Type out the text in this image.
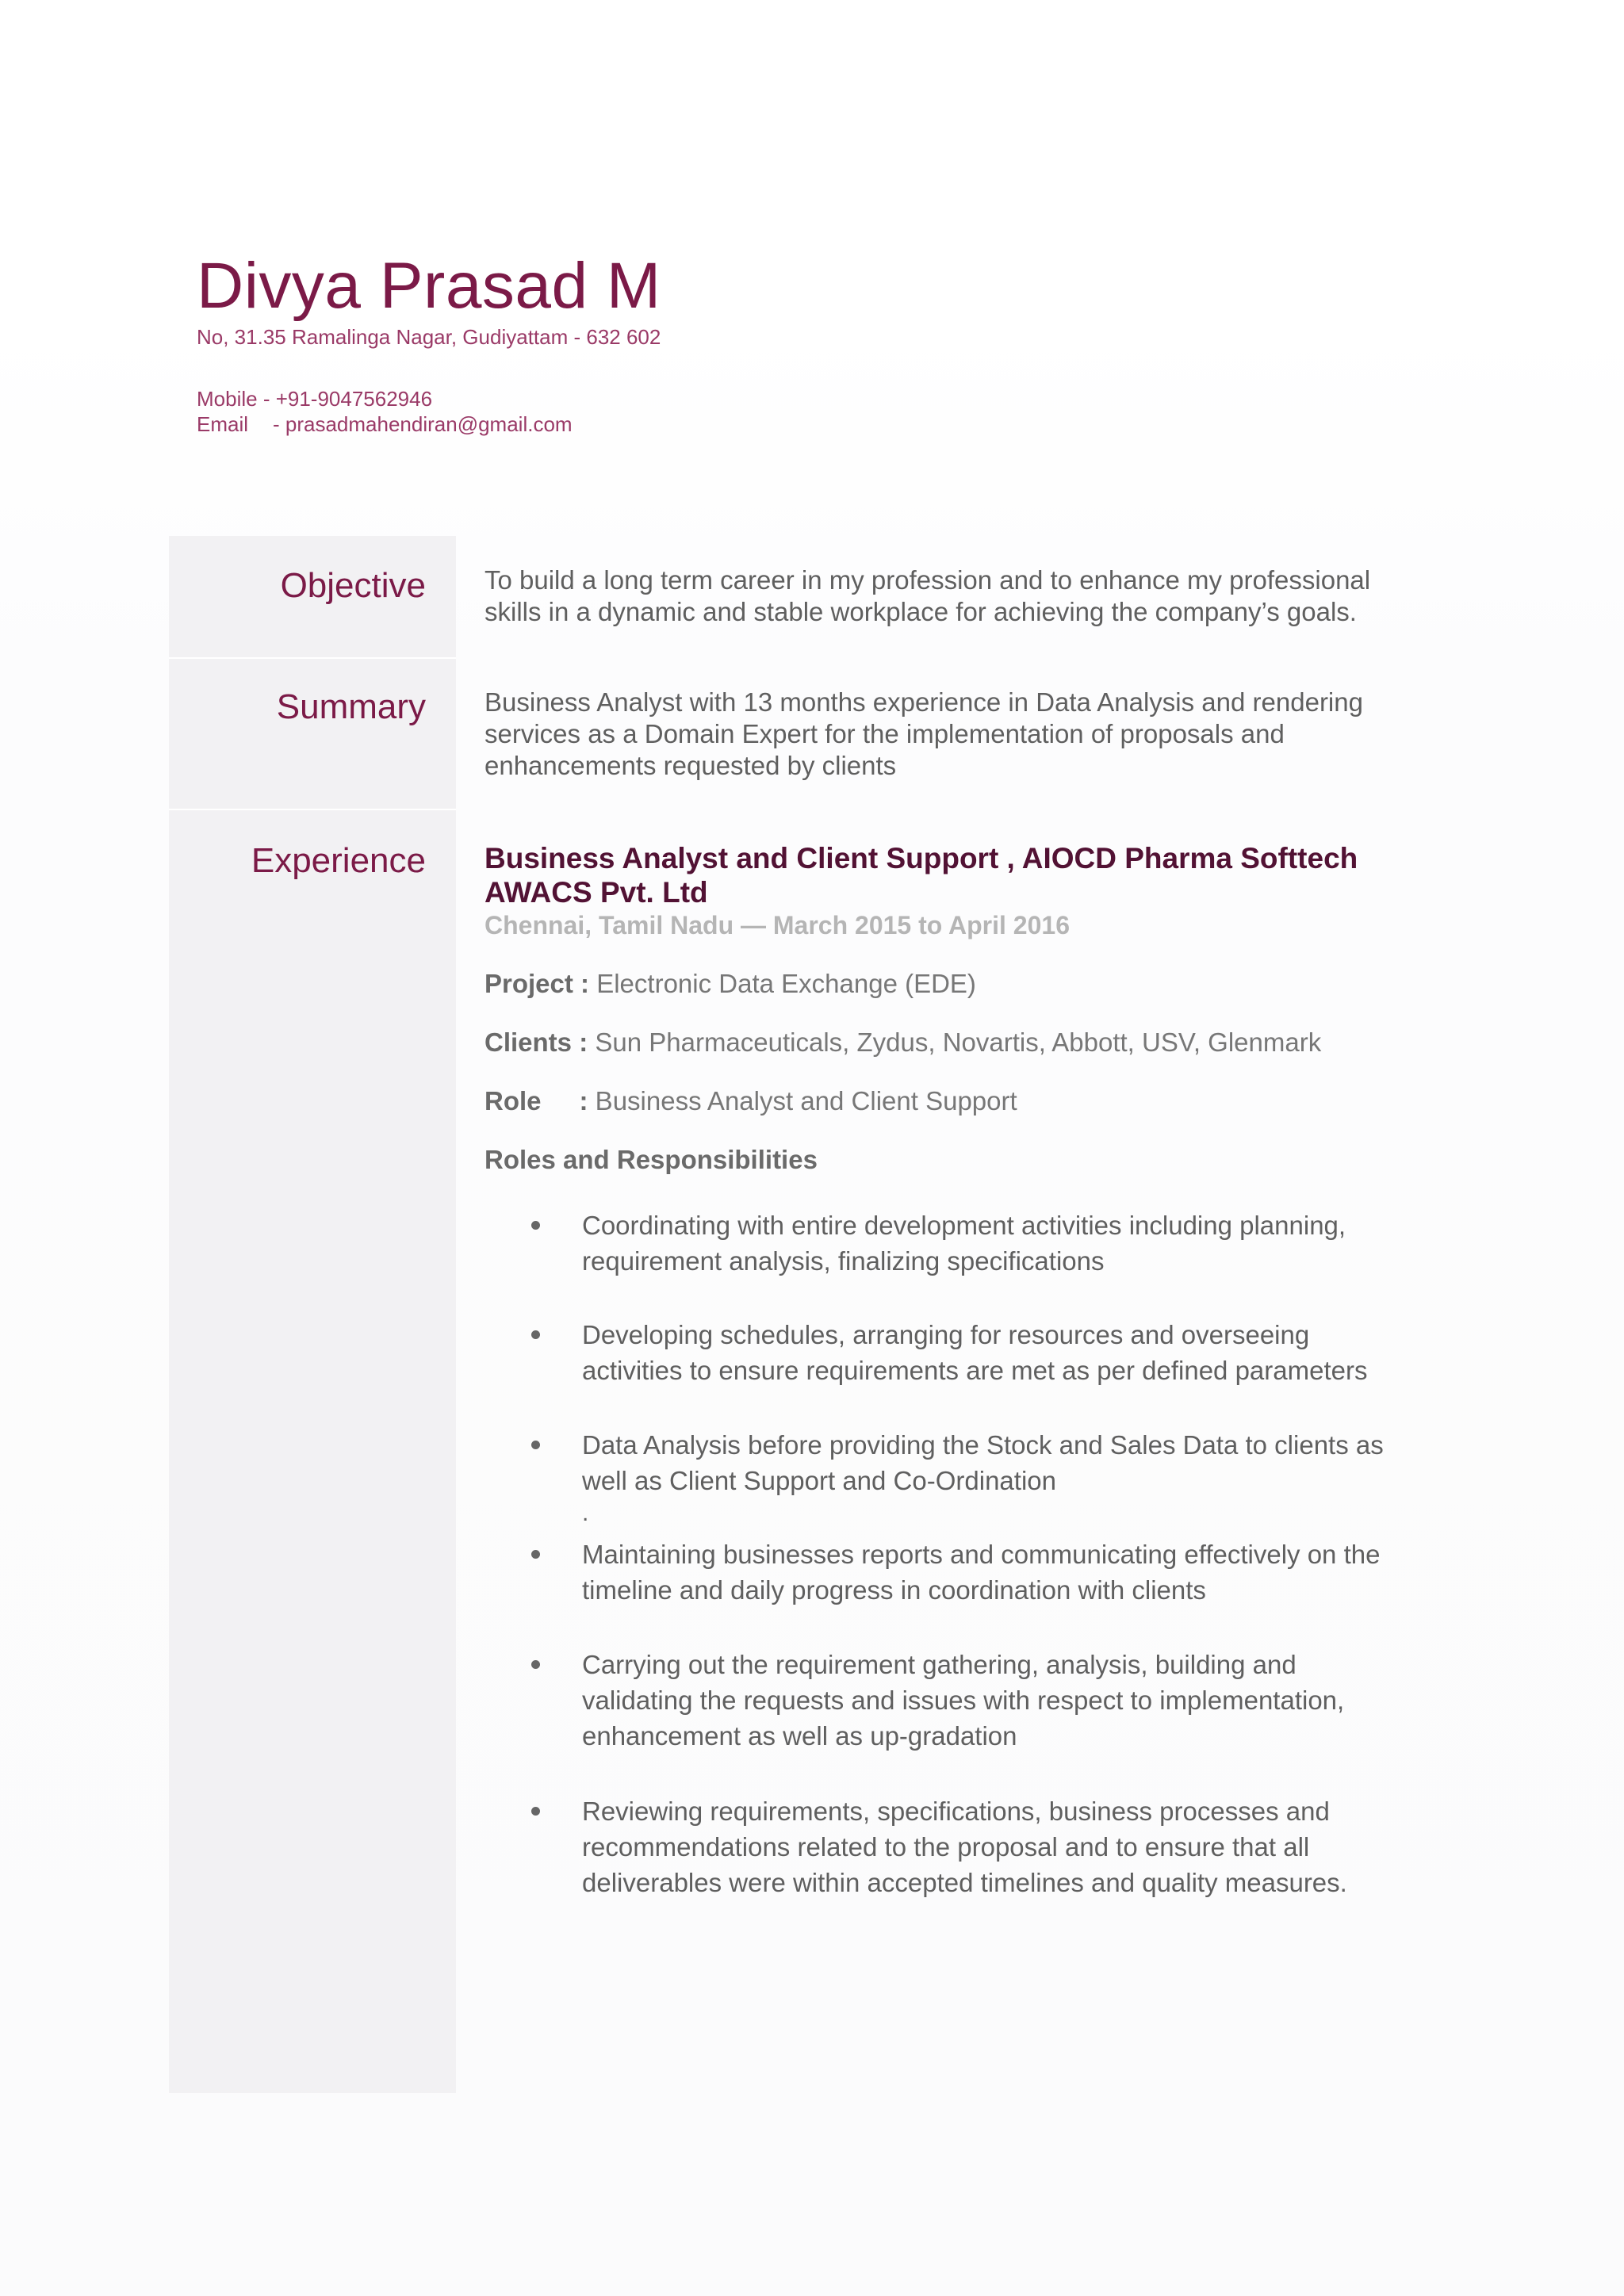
Divya Prasad M
No, 31.35 Ramalinga Nagar, Gudiyattam - 632 602
Mobile - +91-9047562946
Email    - prasadmahendiran@gmail.com
Objective To build a long term career in my profession and to enhance my professional
skills in a dynamic and stable workplace for achieving the company’s goals.
Summary Business Analyst with 13 months experience in Data Analysis and rendering
services as a Domain Expert for the implementation of proposals and
enhancements requested by clients
Experience Business Analyst and Client Support , AIOCD Pharma Softtech
AWACS Pvt. Ltd
Chennai, Tamil Nadu — March 2015 to April 2016
Project : Electronic Data Exchange (EDE)
Clients : Sun Pharmaceuticals, Zydus, Novartis, Abbott, USV, Glenmark
Role : Business Analyst and Client Support
Roles and Responsibilities
Coordinating with entire development activities including planning,
requirement analysis, finalizing specifications
Developing schedules, arranging for resources and overseeing
activities to ensure requirements are met as per defined parameters
Data Analysis before providing the Stock and Sales Data to clients as
well as Client Support and Co-Ordination
Maintaining businesses reports and communicating effectively on the
timeline and daily progress in coordination with clients
Carrying out the requirement gathering, analysis, building and
validating the requests and issues with respect to implementation,
enhancement as well as up-gradation
Reviewing requirements, specifications, business processes and
recommendations related to the proposal and to ensure that all
deliverables were within accepted timelines and quality measures.
.
